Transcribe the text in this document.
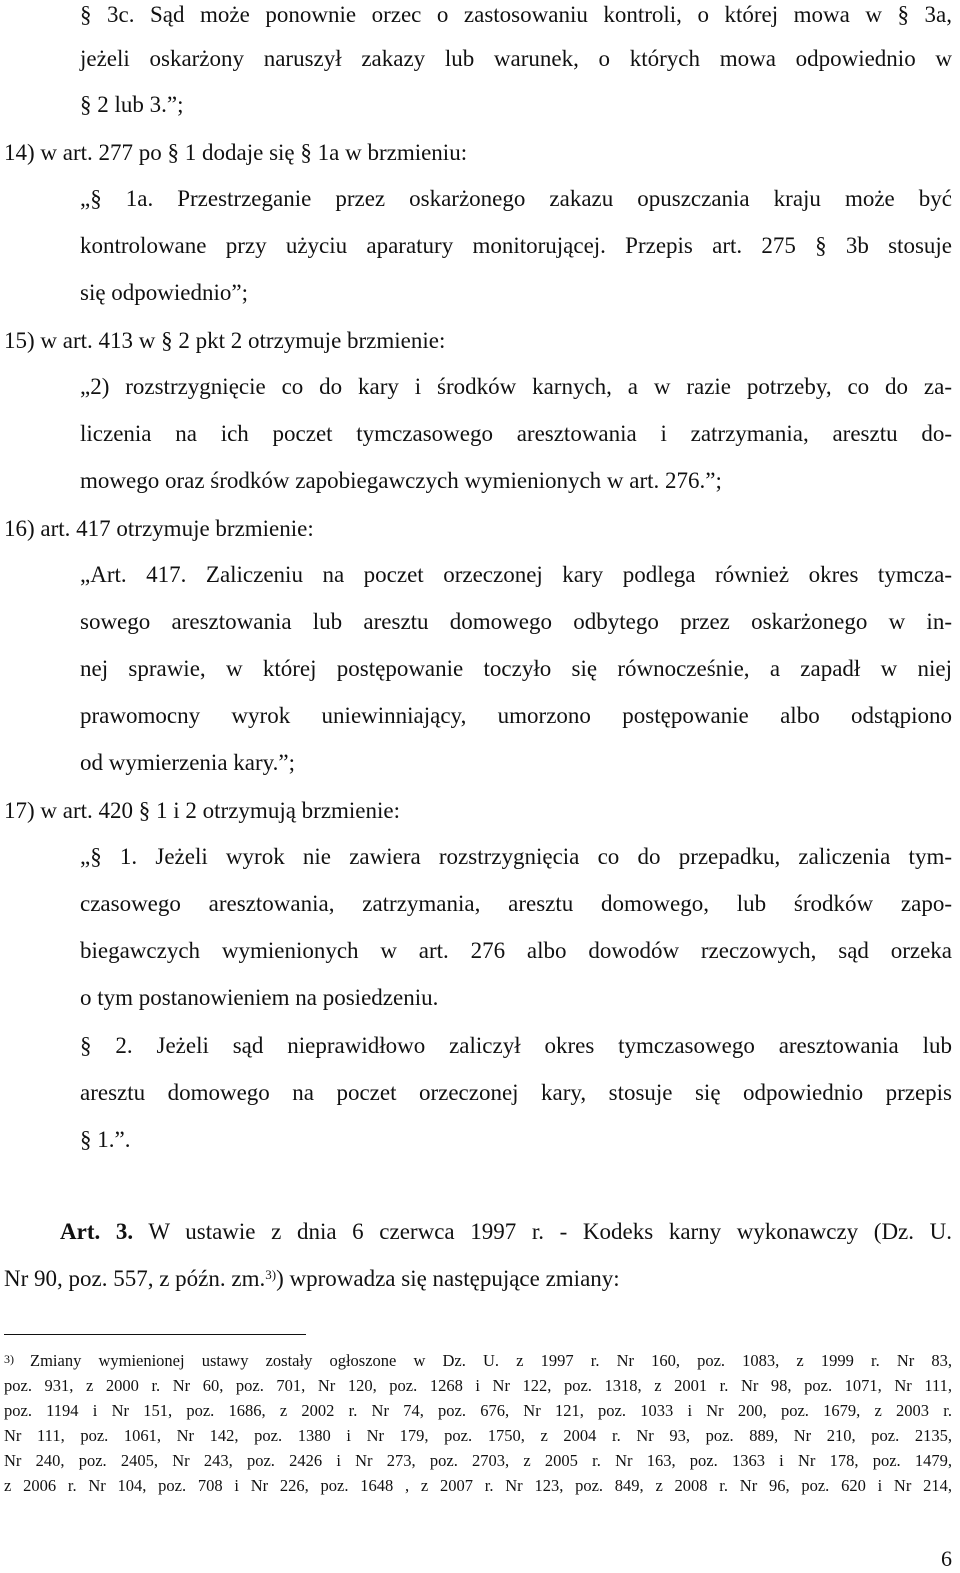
§ 3c. Sąd może ponownie orzec o zastosowaniu kontroli, o której mowa w § 3a,
jeżeli oskarżony naruszył zakazy lub warunek, o których mowa odpowiednio w
§ 2 lub 3.”;
14) w art. 277 po § 1 dodaje się § 1a w brzmieniu:
„§ 1a. Przestrzeganie przez oskarżonego zakazu opuszczania kraju może być
kontrolowane przy użyciu aparatury monitorującej. Przepis art. 275 § 3b stosuje
się odpowiednio”;
15) w art. 413 w § 2 pkt 2 otrzymuje brzmienie:
„2) rozstrzygnięcie co do kary i środków karnych, a w razie potrzeby, co do za-
liczenia na ich poczet tymczasowego aresztowania i zatrzymania, aresztu do-
mowego oraz środków zapobiegawczych wymienionych w art. 276.”;
16) art. 417 otrzymuje brzmienie:
„Art. 417. Zaliczeniu na poczet orzeczonej kary podlega również okres tymcza-
sowego aresztowania lub aresztu domowego odbytego przez oskarżonego w in-
nej sprawie, w której postępowanie toczyło się równocześnie, a zapadł w niej
prawomocny wyrok uniewinniający, umorzono postępowanie albo odstąpiono
od wymierzenia kary.”;
17) w art. 420 § 1 i 2 otrzymują brzmienie:
„§ 1. Jeżeli wyrok nie zawiera rozstrzygnięcia co do przepadku, zaliczenia tym-
czasowego aresztowania, zatrzymania, aresztu domowego, lub środków zapo-
biegawczych wymienionych w art. 276 albo dowodów rzeczowych, sąd orzeka
o tym postanowieniem na posiedzeniu.
§ 2. Jeżeli sąd nieprawidłowo zaliczył okres tymczasowego aresztowania lub
aresztu domowego na poczet orzeczonej kary, stosuje się odpowiednio przepis
§ 1.”.
Art. 3. W ustawie z dnia 6 czerwca 1997 r. - Kodeks karny wykonawczy (Dz. U.
Nr 90, poz. 557, z późn. zm.$^{3)}$) wprowadza się następujące zmiany:
$^{3)}$ Zmiany wymienionej ustawy zostały ogłoszone w Dz. U. z 1997 r. Nr 160, poz. 1083, z 1999 r. Nr 83,
poz. 931, z 2000 r. Nr 60, poz. 701, Nr 120, poz. 1268 i Nr 122, poz. 1318, z 2001 r. Nr 98, poz. 1071, Nr 111,
poz. 1194 i Nr 151, poz. 1686, z 2002 r. Nr 74, poz. 676, Nr 121, poz. 1033 i Nr 200, poz. 1679, z 2003 r.
Nr 111, poz. 1061, Nr 142, poz. 1380 i Nr 179, poz. 1750, z 2004 r. Nr 93, poz. 889, Nr 210, poz. 2135,
Nr 240, poz. 2405, Nr 243, poz. 2426 i Nr 273, poz. 2703, z 2005 r. Nr 163, poz. 1363 i Nr 178, poz. 1479,
z 2006 r. Nr 104, poz. 708 i Nr 226, poz. 1648 , z 2007 r. Nr 123, poz. 849, z 2008 r. Nr 96, poz. 620 i Nr 214,
6
